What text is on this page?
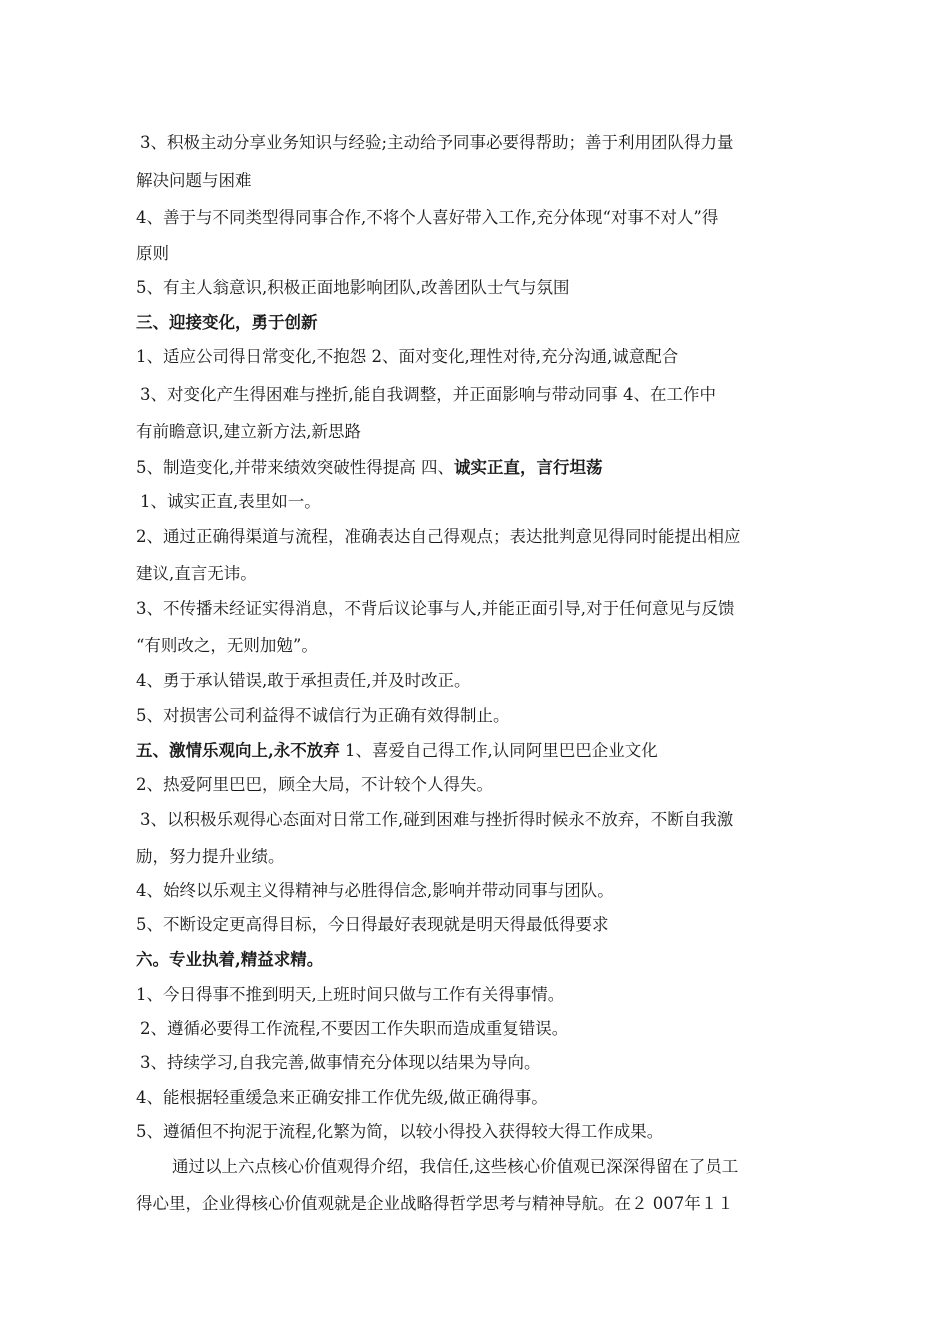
3、积极主动分享业务知识与经验;主动给予同事必要得帮助；善于利用团队得力量
解决问题与困难
4、善于与不同类型得同事合作,不将个人喜好带入工作,充分体现“对事不对人”得
原则
5、有主人翁意识,积极正面地影响团队,改善团队士气与氛围
三、迎接变化，勇于创新
1、适应公司得日常变化,不抱怨 2、面对变化,理性对待,充分沟通,诚意配合
3、对变化产生得困难与挫折,能自我调整，并正面影响与带动同事 4、在工作中
有前瞻意识,建立新方法,新思路
5、制造变化,并带来绩效突破性得提高 四、诚实正直，言行坦荡
1、诚实正直,表里如一。
2、通过正确得渠道与流程，准确表达自己得观点；表达批判意见得同时能提出相应
建议,直言无讳。
3、不传播未经证实得消息，不背后议论事与人,并能正面引导,对于任何意见与反馈
“有则改之，无则加勉”。
4、勇于承认错误,敢于承担责任,并及时改正。
5、对损害公司利益得不诚信行为正确有效得制止。
五、激情乐观向上,永不放弃 1、喜爱自己得工作,认同阿里巴巴企业文化
2、热爱阿里巴巴，顾全大局，不计较个人得失。
3、以积极乐观得心态面对日常工作,碰到困难与挫折得时候永不放弃，不断自我激
励，努力提升业绩。
4、始终以乐观主义得精神与必胜得信念,影响并带动同事与团队。
5、不断设定更高得目标，今日得最好表现就是明天得最低得要求
六。专业执着,精益求精。
1、今日得事不推到明天,上班时间只做与工作有关得事情。
2、遵循必要得工作流程,不要因工作失职而造成重复错误。
3、持续学习,自我完善,做事情充分体现以结果为导向。
4、能根据轻重缓急来正确安排工作优先级,做正确得事。
5、遵循但不拘泥于流程,化繁为简，以较小得投入获得较大得工作成果。
通过以上六点核心价值观得介绍，我信任,这些核心价值观已深深得留在了员工
得心里，企业得核心价值观就是企业战略得哲学思考与精神导航。在２ 007年１１
